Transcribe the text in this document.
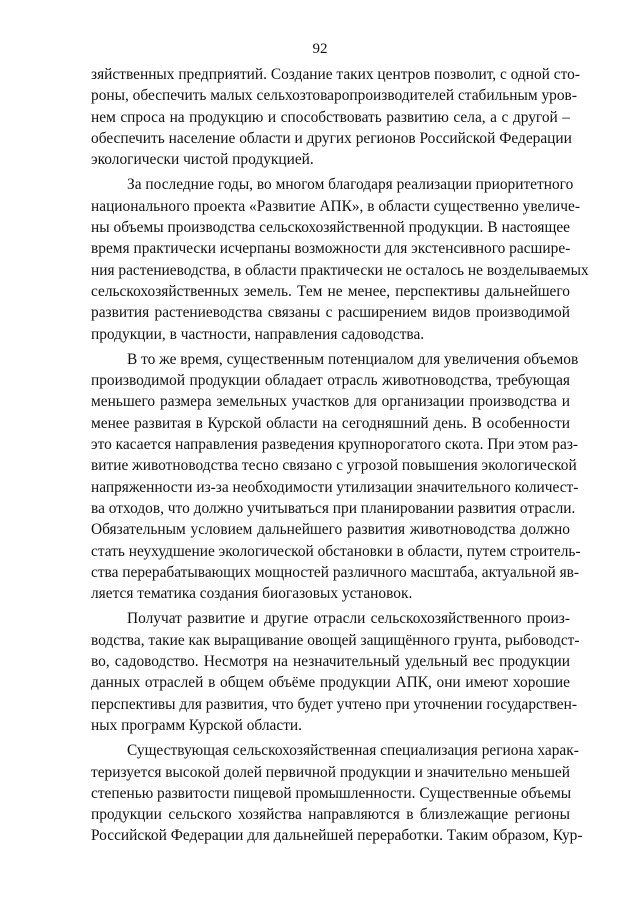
92
зяйственных предприятий. Создание таких центров позволит, с одной сто-
роны, обеспечить малых сельхозтоваропроизводителей стабильным уров-
нем спроса на продукцию и способствовать развитию села, а с другой –
обеспечить население области и других регионов Российской Федерации
экологически чистой продукцией.
За последние годы, во многом благодаря реализации приоритетного
национального проекта «Развитие АПК», в области существенно увеличе-
ны объемы производства сельскохозяйственной продукции. В настоящее
время практически исчерпаны возможности для экстенсивного расшире-
ния растениеводства, в области практически не осталось не возделываемых
сельскохозяйственных земель. Тем не менее, перспективы дальнейшего
развития растениеводства связаны с расширением видов производимой
продукции, в частности, направления садоводства.
В то же время, существенным потенциалом для увеличения объемов
производимой продукции обладает отрасль животноводства, требующая
меньшего размера земельных участков для организации производства и
менее развитая в Курской области на сегодняшний день. В особенности
это касается направления разведения крупнорогатого скота. При этом раз-
витие животноводства тесно связано с угрозой повышения экологической
напряженности из-за необходимости утилизации значительного количест-
ва отходов, что должно учитываться при планировании развития отрасли.
Обязательным условием дальнейшего развития животноводства должно
стать неухудшение экологической обстановки в области, путем строитель-
ства перерабатывающих мощностей различного масштаба, актуальной яв-
ляется тематика создания биогазовых установок.
Получат развитие и другие отрасли сельскохозяйственного произ-
водства, такие как выращивание овощей защищённого грунта, рыбоводст-
во, садоводство. Несмотря на незначительный удельный вес продукции
данных отраслей в общем объёме продукции АПК, они имеют хорошие
перспективы для развития, что будет учтено при уточнении государствен-
ных программ Курской области.
Существующая сельскохозяйственная специализация региона харак-
теризуется высокой долей первичной продукции и значительно меньшей
степенью развитости пищевой промышленности. Существенные объемы
продукции сельского хозяйства направляются в близлежащие регионы
Российской Федерации для дальнейшей переработки. Таким образом, Кур-
